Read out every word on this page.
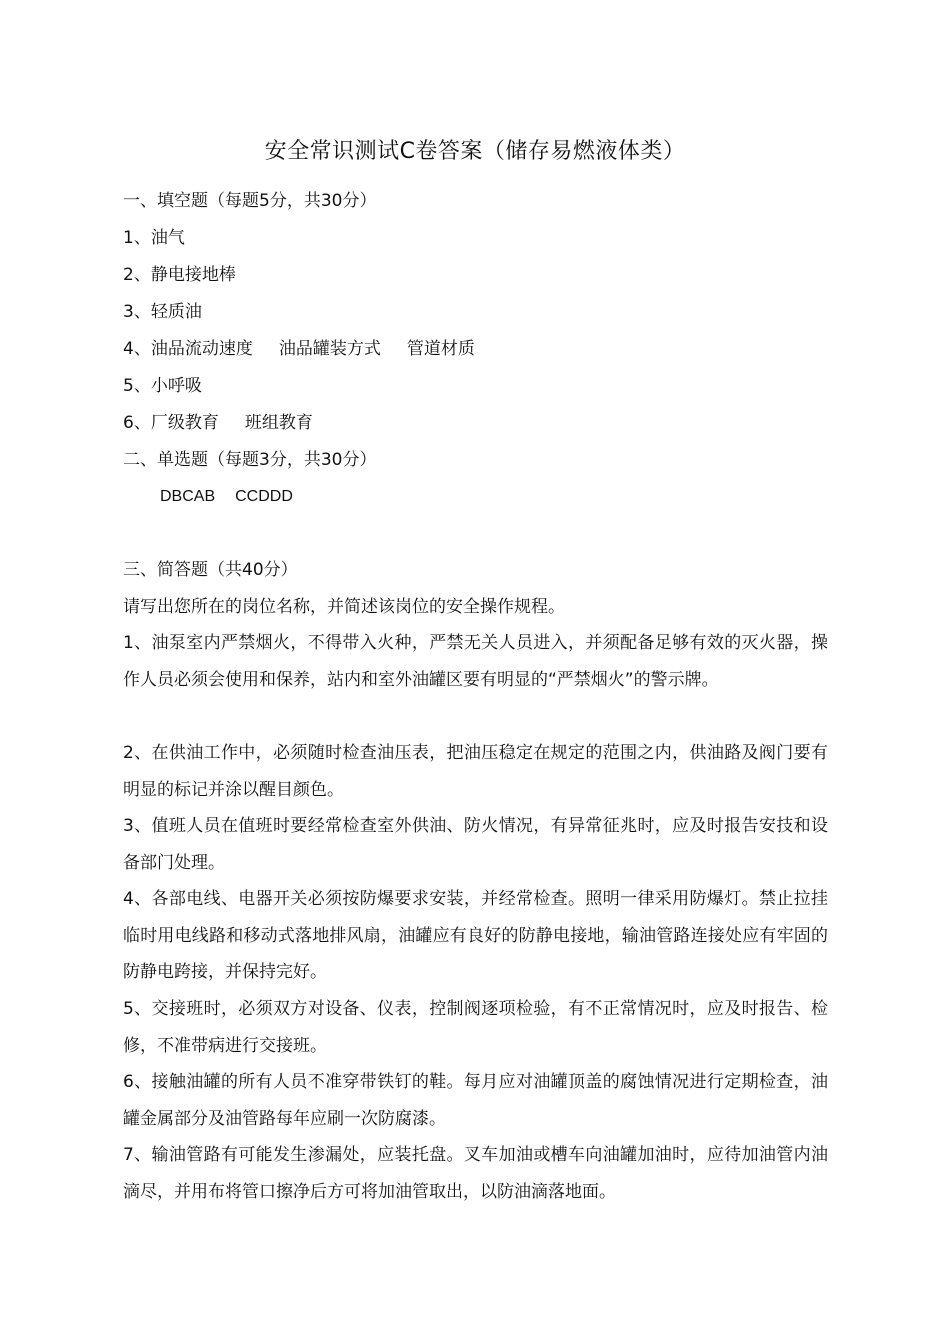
安全常识测试C卷答案（储存易燃液体类）
一、填空题（每题5分，共30分）
1、油气
2、静电接地棒
3、轻质油
4、油品流动速度 油品罐装方式 管道材质
5、小呼吸
6、厂级教育 班组教育
二、单选题（每题3分，共30分）
DBCAB CCDDD
三、简答题（共40分）
请写出您所在的岗位名称，并简述该岗位的安全操作规程。
1、油泵室内严禁烟火，不得带入火种，严禁无关人员进入，并须配备足够有效的灭火器，操作人员必须会使用和保养，站内和室外油罐区要有明显的“严禁烟火”的警示牌。
2、在供油工作中，必须随时检查油压表，把油压稳定在规定的范围之内，供油路及阀门要有明显的标记并涂以醒目颜色。
3、值班人员在值班时要经常检查室外供油、防火情况，有异常征兆时，应及时报告安技和设备部门处理。
4、各部电线、电器开关必须按防爆要求安装，并经常检查。照明一律采用防爆灯。禁止拉挂临时用电线路和移动式落地排风扇，油罐应有良好的防静电接地，输油管路连接处应有牢固的防静电跨接，并保持完好。
5、交接班时，必须双方对设备、仪表，控制阀逐项检验，有不正常情况时，应及时报告、检修，不准带病进行交接班。
6、接触油罐的所有人员不准穿带铁钉的鞋。每月应对油罐顶盖的腐蚀情况进行定期检查，油罐金属部分及油管路每年应刷一次防腐漆。
7、输油管路有可能发生渗漏处，应装托盘。叉车加油或槽车向油罐加油时，应待加油管内油滴尽，并用布将管口擦净后方可将加油管取出，以防油滴落地面。
